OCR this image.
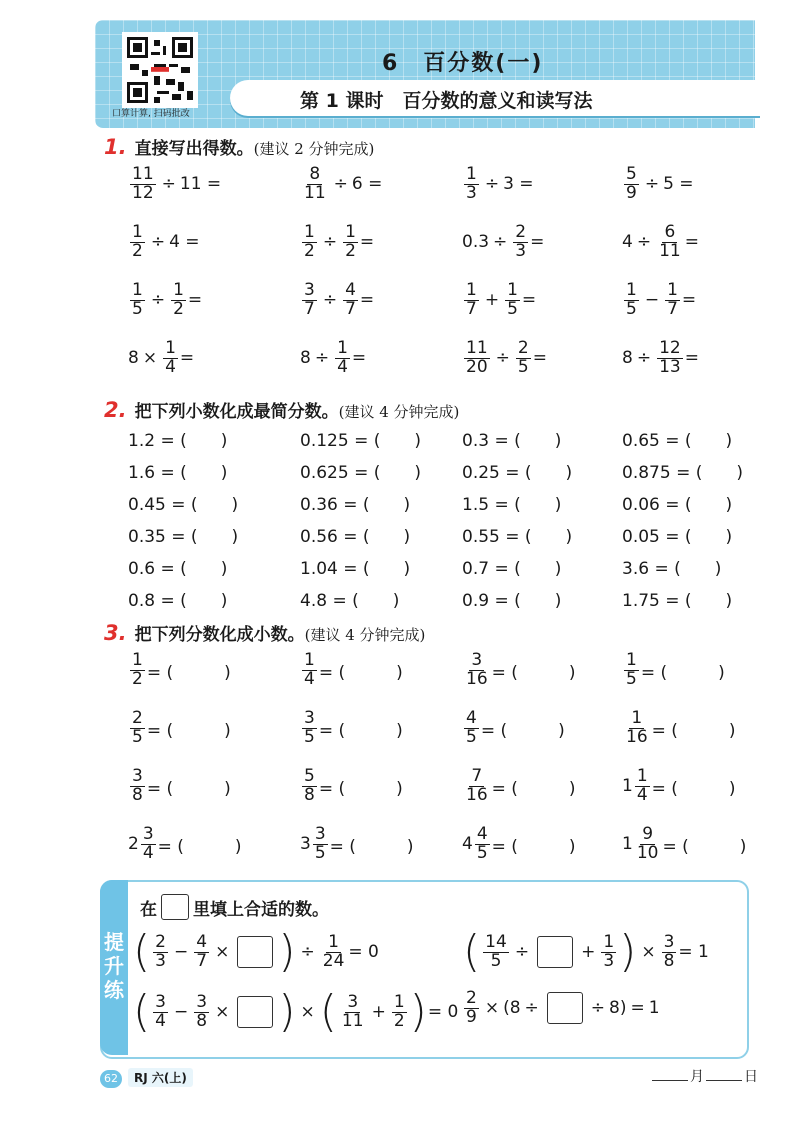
口算计算, 扫码批改
6　百分数(一)
第 1 课时　百分数的意义和读写法
1. 直接写出得数。(建议 2 分钟完成)
$\frac{11}{12} \div 11$ =	$\frac{8}{11} \div 6$ =	$\frac{1}{3} \div 3$ =	$\frac{5}{9} \div 5$ =
$\frac{1}{2} \div 4$ =	$\frac{1}{2} \div \frac{1}{2}$ =	$0.3 \div \frac{2}{3}$ =	$4 \div \frac{6}{11}$ =
$\frac{1}{5} \div \frac{1}{2}$ =	$\frac{3}{7} \div \frac{4}{7}$ =	$\frac{1}{7} + \frac{1}{5}$ =	$\frac{1}{5} - \frac{1}{7}$ =
$8 \times \frac{1}{4}$ =	$8 \div \frac{1}{4}$ =	$\frac{11}{20} \div \frac{2}{5}$ =	$8 \div \frac{12}{13}$ =
2. 把下列小数化成最简分数。(建议 4 分钟完成)
1.2 = (　　)	0.125 = (　　) 0.3 = (　　)	0.65 = (　　)
1.6 = (　　)	0.625 = (　　) 0.25 = (　　)	0.875 = (　　)
0.45 = (　　)	0.36 = (　　)	1.5 = (　　)	0.06 = (　　)
0.35 = (　　)	0.56 = (　　)	0.55 = (　　)	0.05 = (　　)
0.6 = (　　)	1.04 = (　　)	0.7 = (　　)	3.6 = (　　)
0.8 = (　　)	4.8 = (　　)	0.9 = (　　)	1.75 = (　　)
3. 把下列分数化成小数。(建议 4 分钟完成)
$\frac{1}{2}$ = (　　　)	$\frac{1}{4}$ = (　　　)	$\frac{3}{16}$ = (　　　)	$\frac{1}{5}$ = (　　　)
$\frac{2}{5}$ = (　　　)	$\frac{3}{5}$ = (　　　)	$\frac{4}{5}$ = (　　　)	$\frac{1}{16}$ = (　　　)
$\frac{3}{8}$ = (　　　)	$\frac{5}{8}$ = (　　　)	$\frac{7}{16}$ = (　　　)	$1 \frac{1}{4}$ = (　　　)
$2 \frac{3}{4}$ = (　　　)	$3 \frac{3}{5}$ = (　　　)	$4 \frac{4}{5}$ = (　　　)	$1 \frac{9}{10}$ = (　　　)
提升练
在 里填上合适的数。
( $\frac{2}{3} - \frac{4}{7}$ × ) ÷ $\frac{1}{24} = 0$ ( $\frac{14}{5}$ ÷	+ $\frac{1}{3}$ ) × $\frac{3}{8} = 1$
( $\frac{3}{4} - \frac{3}{8}$ × ) × ( $\frac{3}{11} + \frac{1}{2}$ ) = $0 \frac{2}{9} \times (8$ ÷	÷ 8) = 1
62	RJ 六(上)	月	日
